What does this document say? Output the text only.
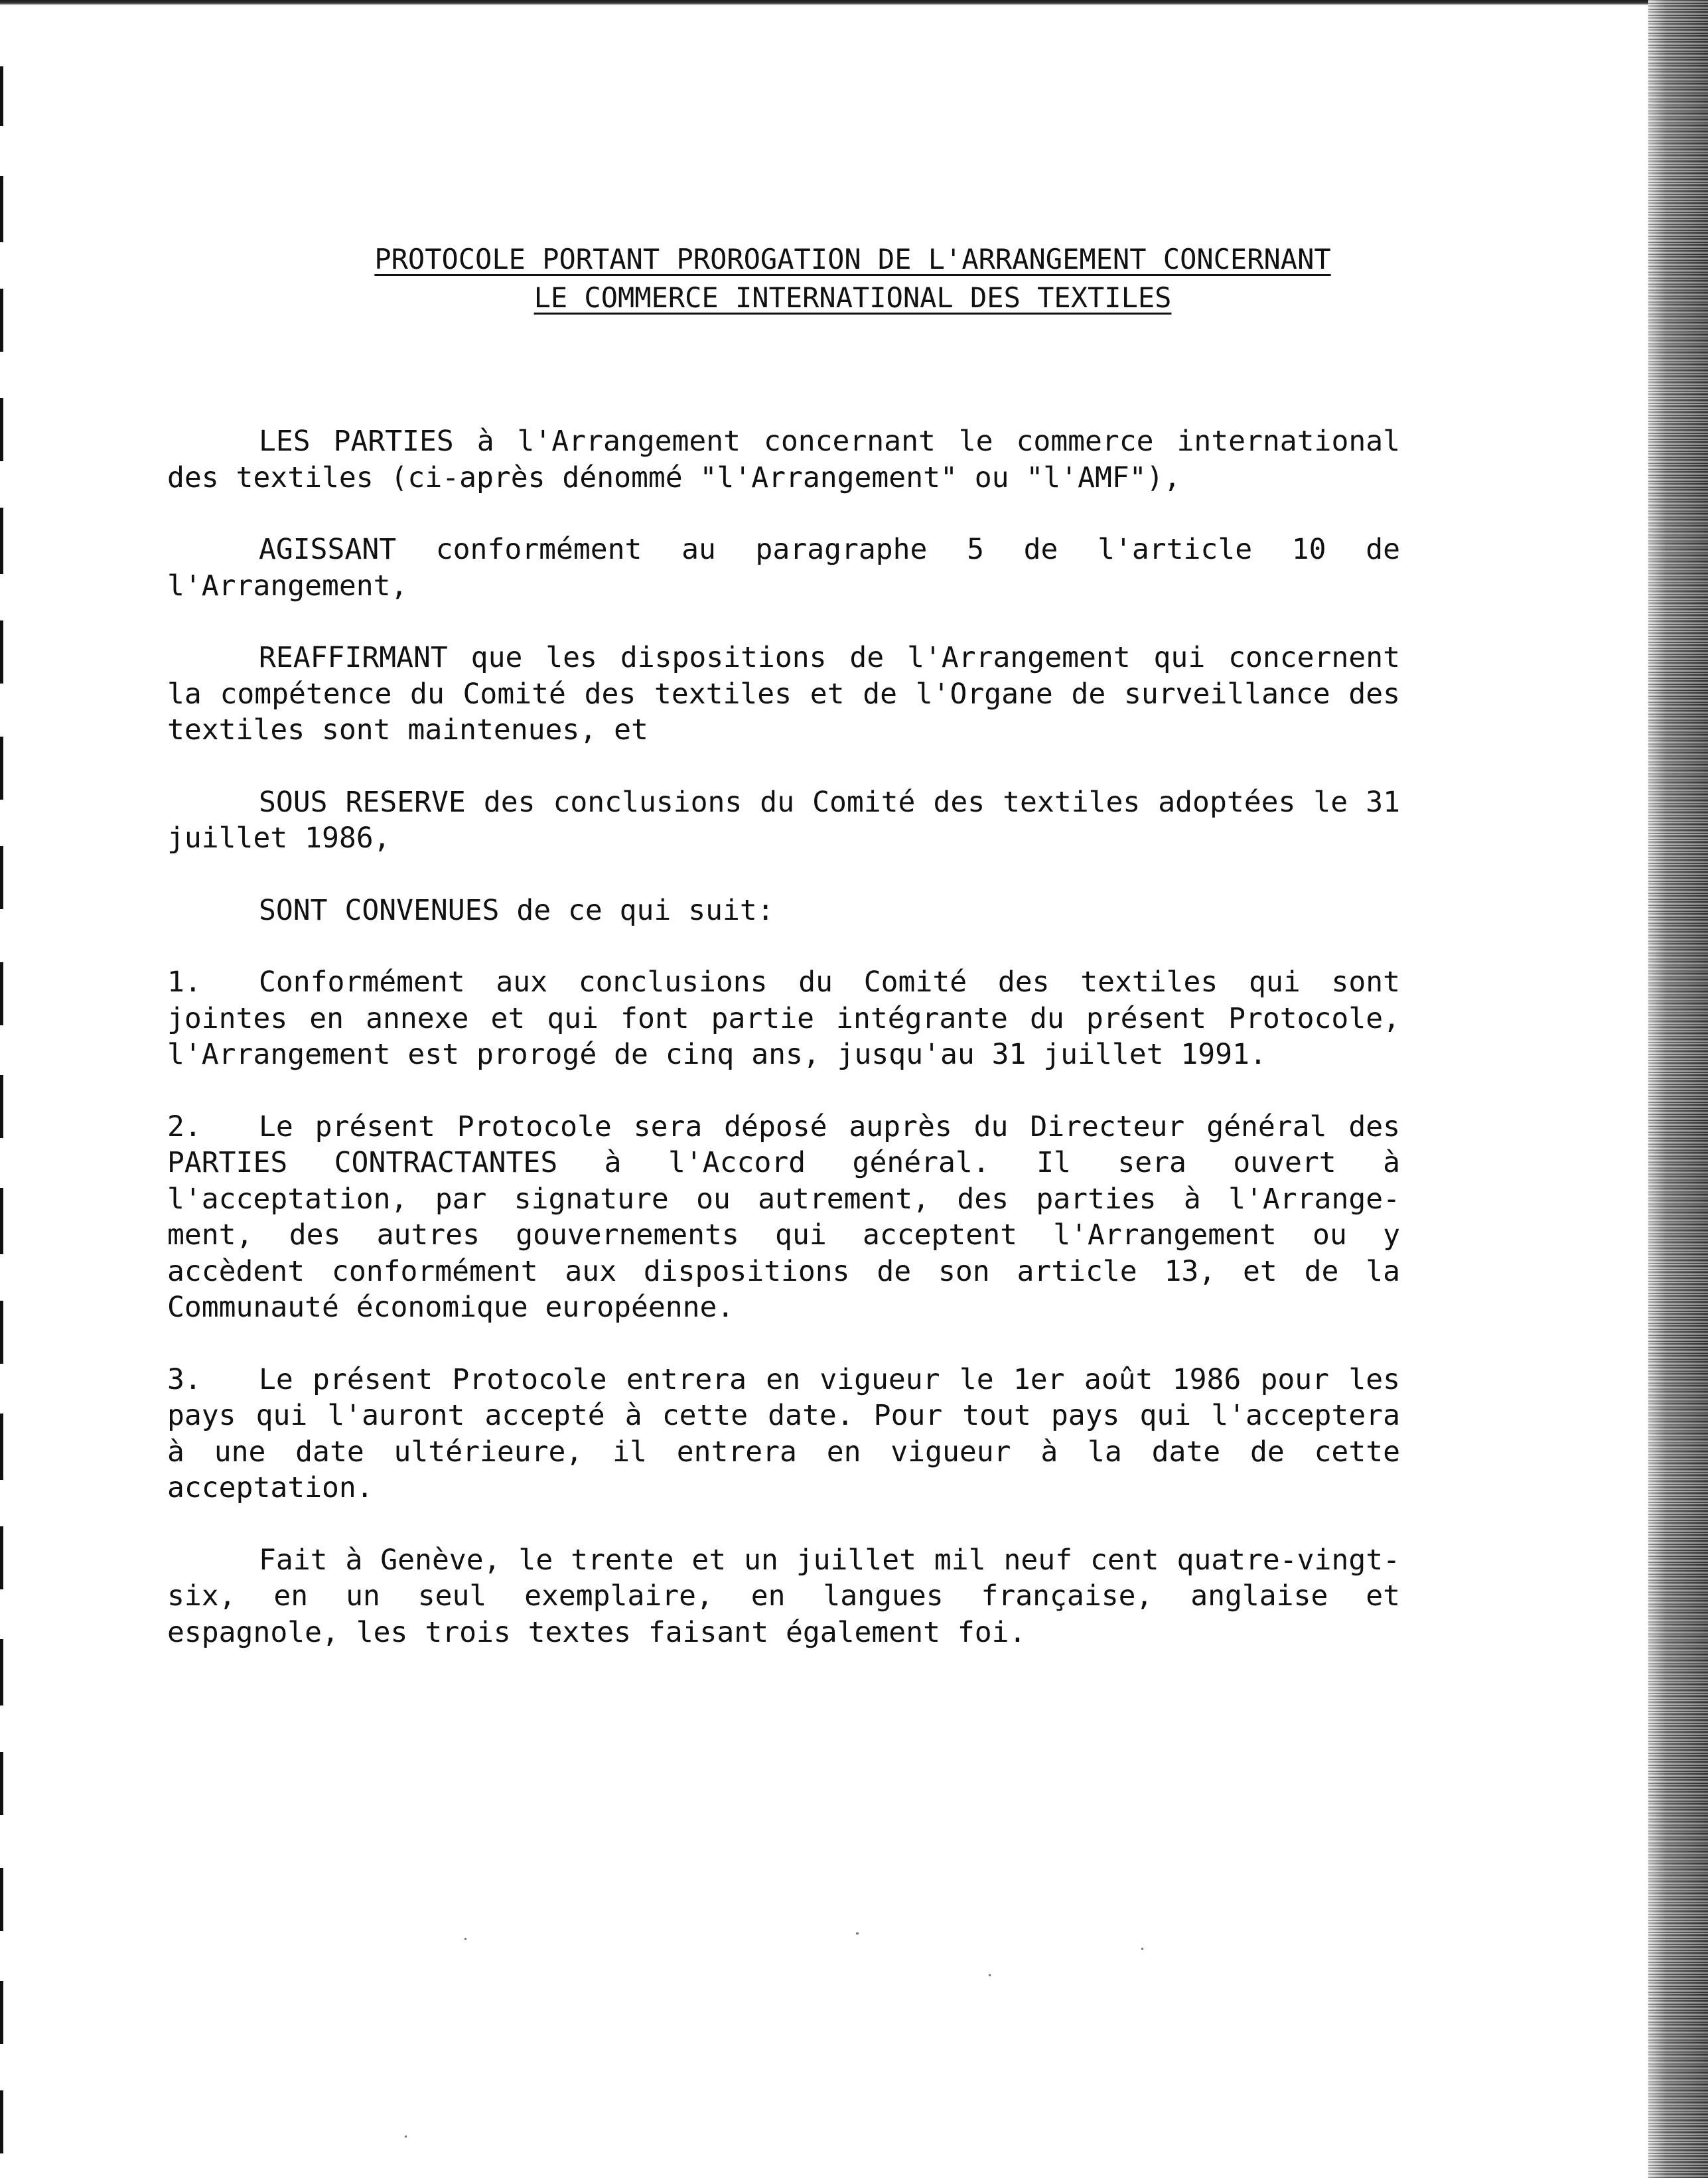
PROTOCOLE PORTANT PROROGATION DE L'ARRANGEMENT CONCERNANT
LE COMMERCE INTERNATIONAL DES TEXTILES

LES PARTIES à l'Arrangement concernant le commerce international des textiles (ci-après dénommé "l'Arrangement" ou "l'AMF"),

AGISSANT conformément au paragraphe 5 de l'article 10 de l'Arrangement,

REAFFIRMANT que les dispositions de l'Arrangement qui concernent la compétence du Comité des textiles et de l'Organe de surveillance des textiles sont maintenues, et

SOUS RESERVE des conclusions du Comité des textiles adoptées le 31 juillet 1986,

SONT CONVENUES de ce qui suit:

1. Conformément aux conclusions du Comité des textiles qui sont jointes en annexe et qui font partie intégrante du présent Protocole, l'Arrangement est prorogé de cinq ans, jusqu'au 31 juillet 1991.

2. Le présent Protocole sera déposé auprès du Directeur général des PARTIES CONTRACTANTES à l'Accord général. Il sera ouvert à l'acceptation, par signature ou autrement, des parties à l'Arrange-ment, des autres gouvernements qui acceptent l'Arrangement ou y accèdent conformément aux dispositions de son article 13, et de la Communauté économique européenne.

3. Le présent Protocole entrera en vigueur le 1er août 1986 pour les pays qui l'auront accepté à cette date. Pour tout pays qui l'acceptera à une date ultérieure, il entrera en vigueur à la date de cette acceptation.

Fait à Genève, le trente et un juillet mil neuf cent quatre-vingt-six, en un seul exemplaire, en langues française, anglaise et espagnole, les trois textes faisant également foi.
